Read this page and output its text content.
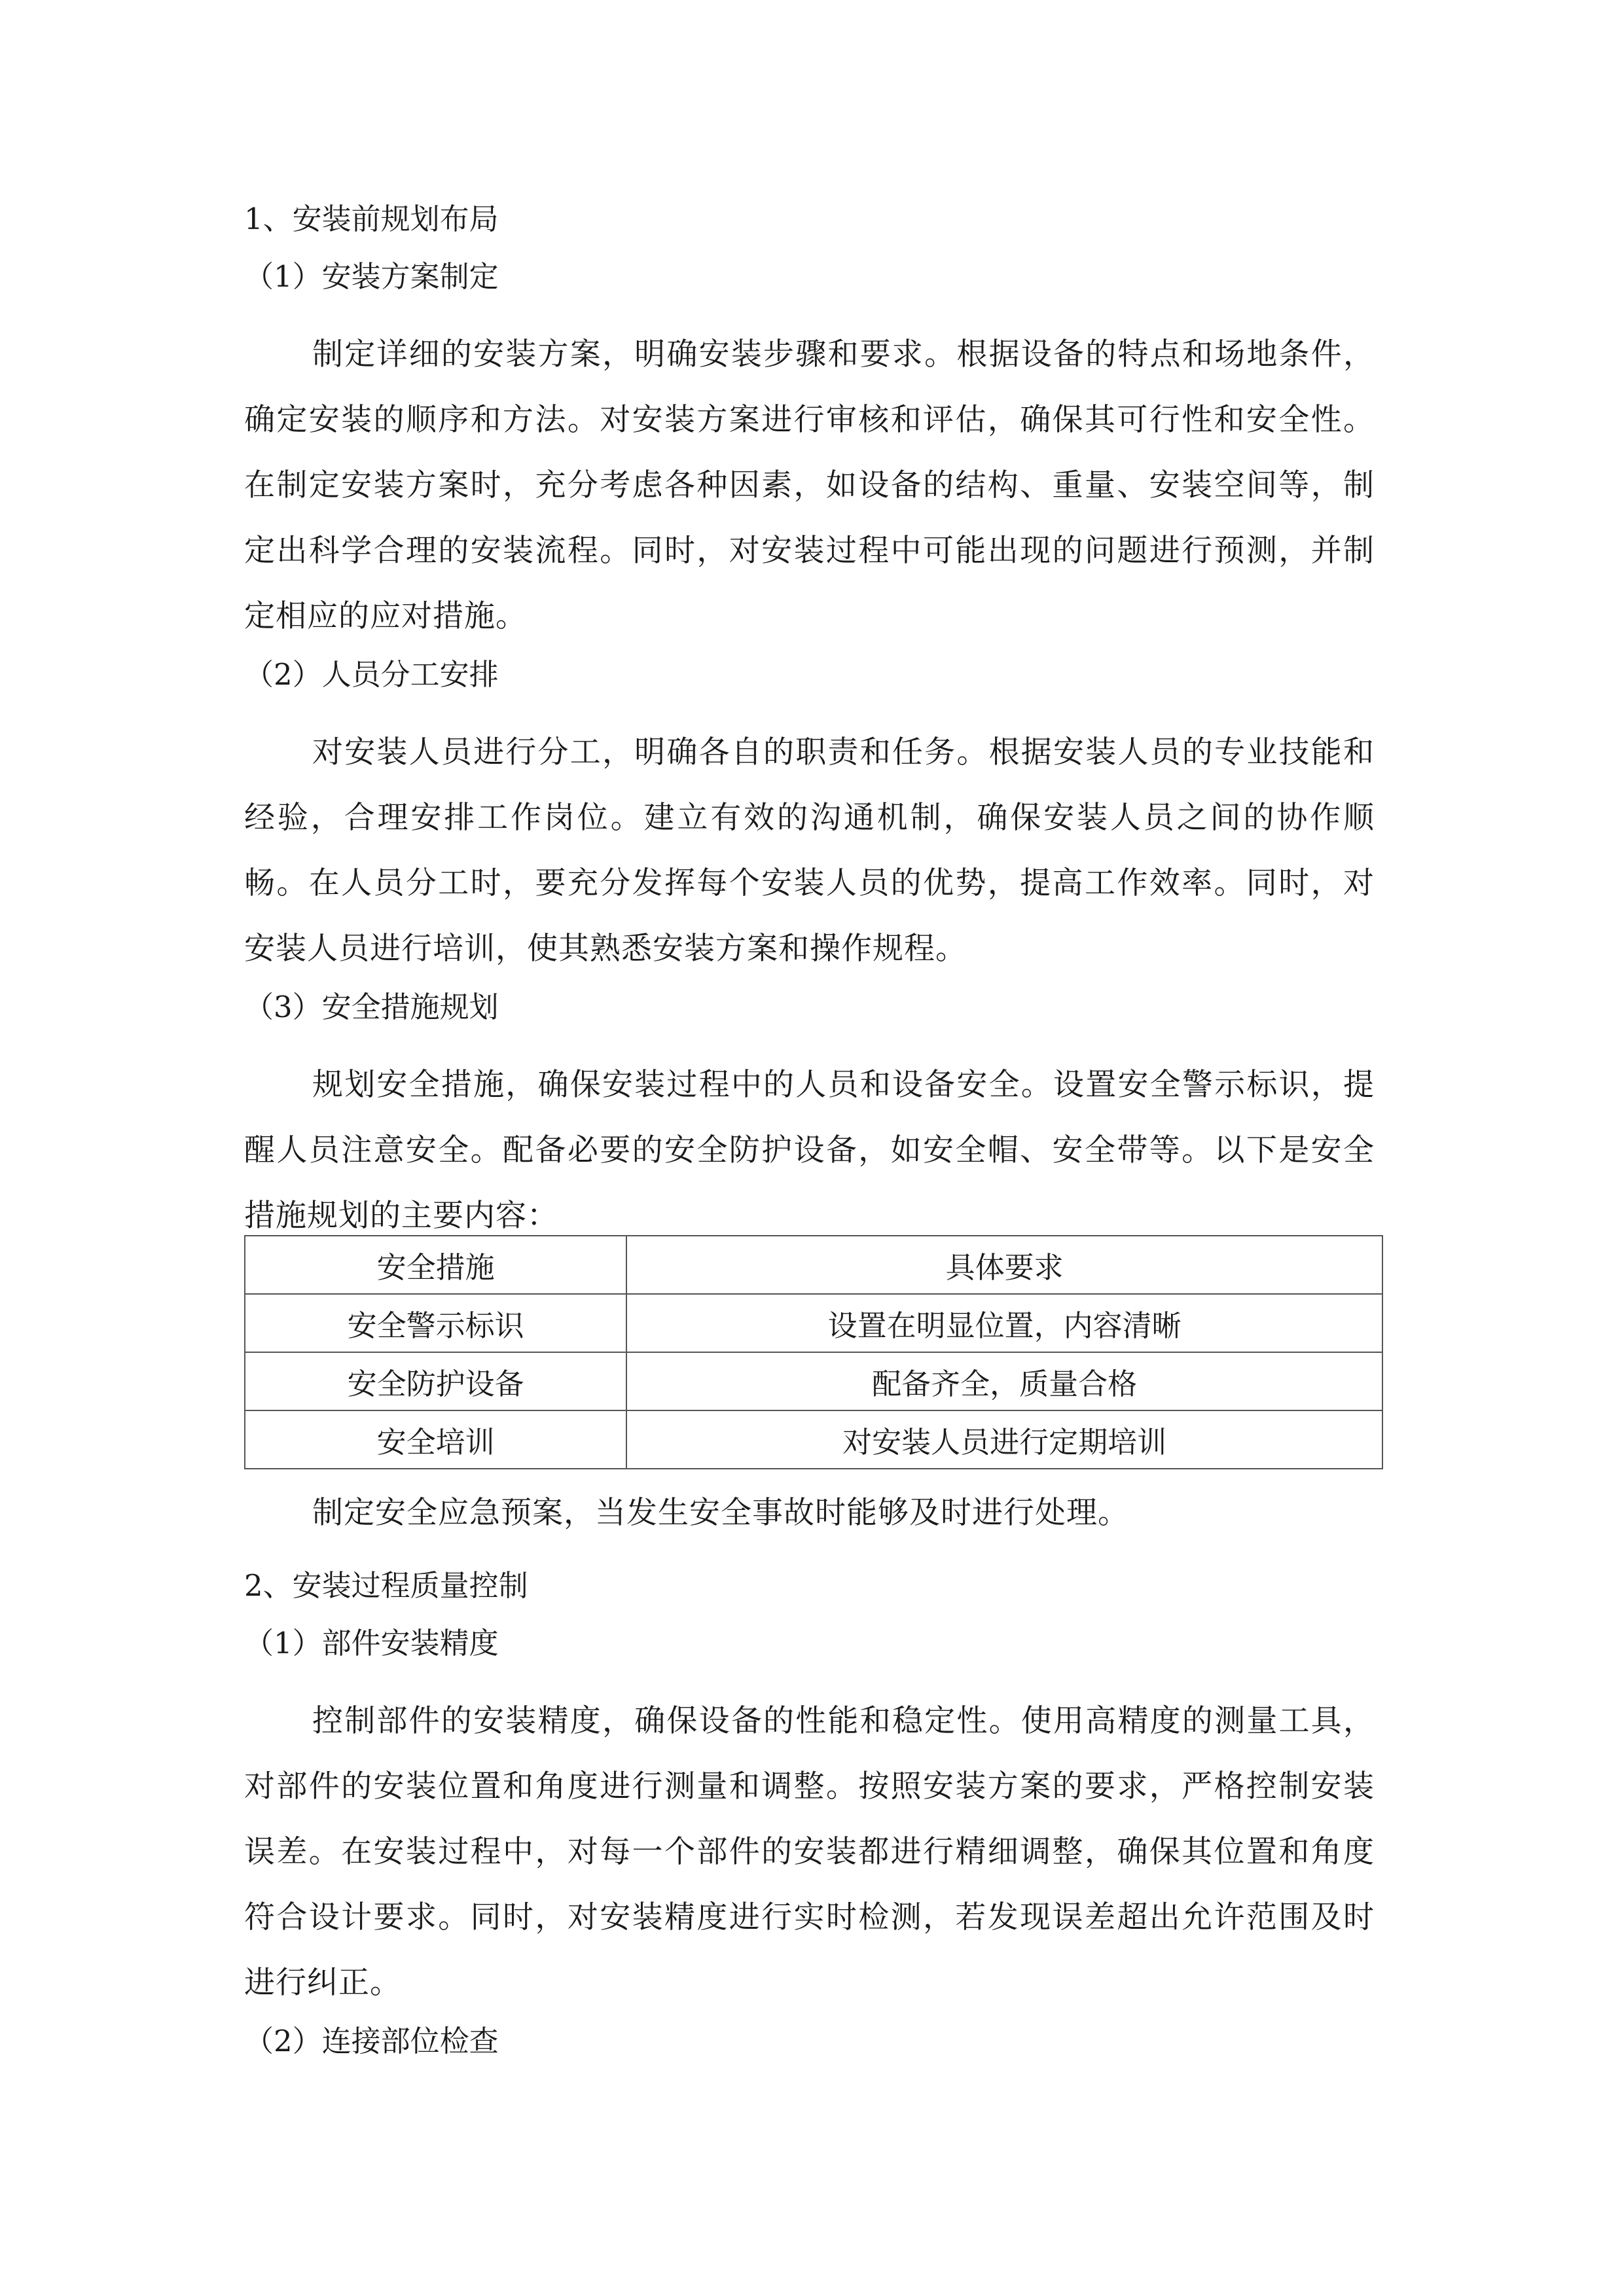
1、安装前规划布局
（1）安装方案制定
制定详细的安装方案，明确安装步骤和要求。根据设备的特点和场地条件，确定安装的顺序和方法。对安装方案进行审核和评估，确保其可行性和安全性。在制定安装方案时，充分考虑各种因素，如设备的结构、重量、安装空间等，制定出科学合理的安装流程。同时，对安装过程中可能出现的问题进行预测，并制定相应的应对措施。
（2）人员分工安排
对安装人员进行分工，明确各自的职责和任务。根据安装人员的专业技能和经验，合理安排工作岗位。建立有效的沟通机制，确保安装人员之间的协作顺畅。在人员分工时，要充分发挥每个安装人员的优势，提高工作效率。同时，对安装人员进行培训，使其熟悉安装方案和操作规程。
（3）安全措施规划
规划安全措施，确保安装过程中的人员和设备安全。设置安全警示标识，提醒人员注意安全。配备必要的安全防护设备，如安全帽、安全带等。以下是安全措施规划的主要内容：
安全措施	具体要求
安全警示标识	设置在明显位置，内容清晰
安全防护设备	配备齐全，质量合格
安全培训	对安装人员进行定期培训
制定安全应急预案，当发生安全事故时能够及时进行处理。
2、安装过程质量控制
（1）部件安装精度
控制部件的安装精度，确保设备的性能和稳定性。使用高精度的测量工具，对部件的安装位置和角度进行测量和调整。按照安装方案的要求，严格控制安装误差。在安装过程中，对每一个部件的安装都进行精细调整，确保其位置和角度符合设计要求。同时，对安装精度进行实时检测，若发现误差超出允许范围及时进行纠正。
（2）连接部位检查
